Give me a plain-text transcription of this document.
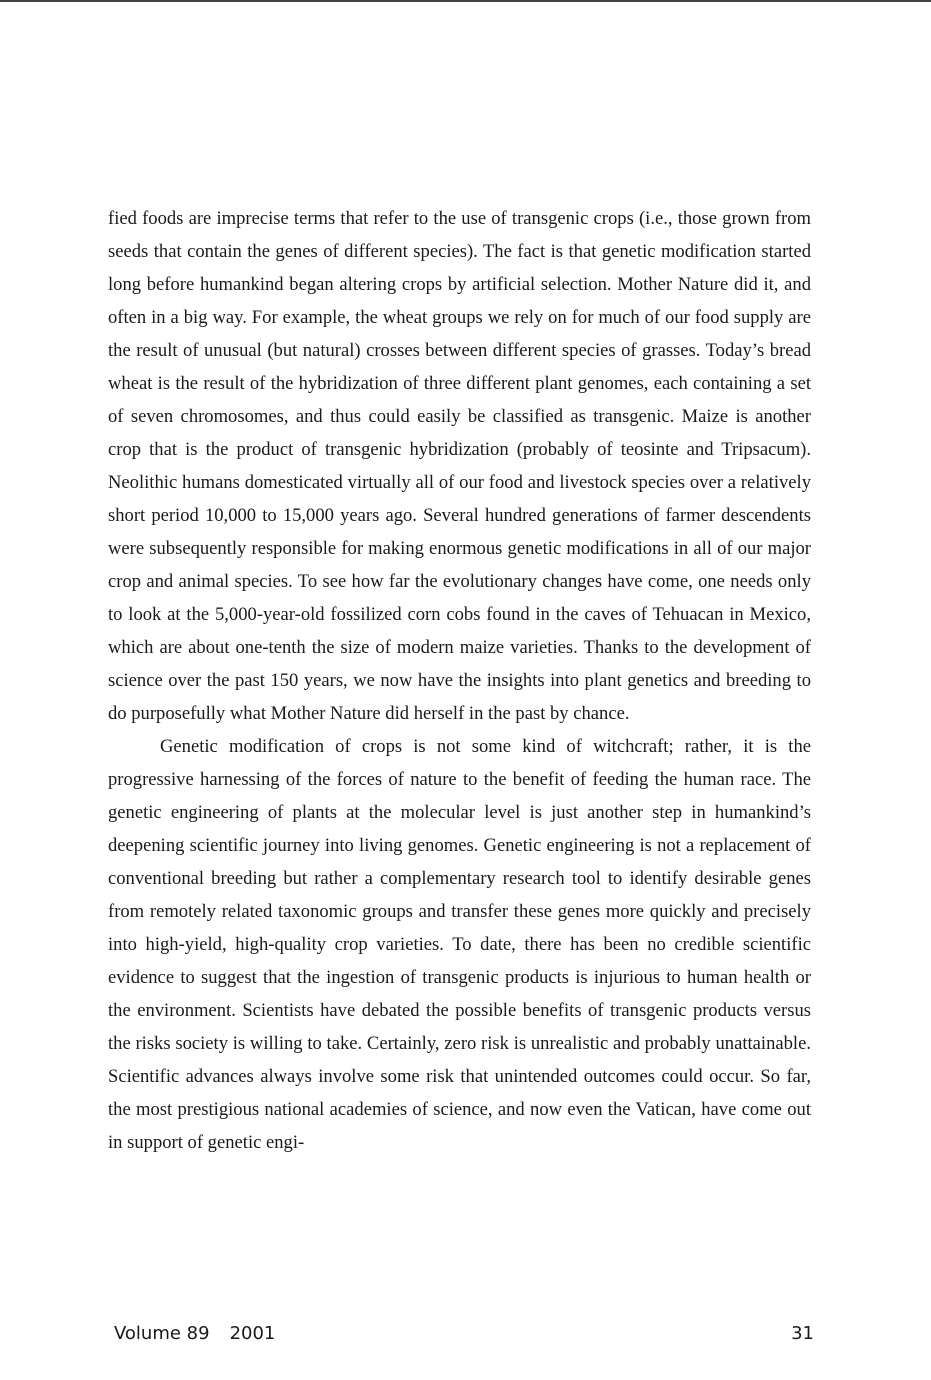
fied foods are imprecise terms that refer to the use of transgenic crops (i.e., those grown from seeds that contain the genes of different species). The fact is that genetic modification started long before humankind began altering crops by artificial selection. Mother Nature did it, and often in a big way. For example, the wheat groups we rely on for much of our food supply are the result of unusual (but natural) crosses between different species of grasses. Today’s bread wheat is the result of the hybridization of three different plant genomes, each containing a set of seven chromosomes, and thus could easily be classified as transgenic. Maize is another crop that is the product of transgenic hybridization (probably of teosinte and Tripsacum). Neolithic humans domesticated virtually all of our food and livestock species over a relatively short period 10,000 to 15,000 years ago. Several hundred generations of farmer descendents were subsequently responsible for making enormous genetic modifications in all of our major crop and animal species. To see how far the evolutionary changes have come, one needs only to look at the 5,000-year-old fossilized corn cobs found in the caves of Tehuacan in Mexico, which are about one-tenth the size of modern maize varieties. Thanks to the development of science over the past 150 years, we now have the insights into plant genetics and breeding to do purposefully what Mother Nature did herself in the past by chance.

Genetic modification of crops is not some kind of witchcraft; rather, it is the progressive harnessing of the forces of nature to the benefit of feeding the human race. The genetic engineering of plants at the molecular level is just another step in humankind’s deepening scientific journey into living genomes. Genetic engineering is not a replacement of conventional breeding but rather a complementary research tool to identify desirable genes from remotely related taxonomic groups and transfer these genes more quickly and precisely into high-yield, high-quality crop varieties. To date, there has been no credible scientific evidence to suggest that the ingestion of transgenic products is injurious to human health or the environment. Scientists have debated the possible benefits of transgenic products versus the risks society is willing to take. Certainly, zero risk is unrealistic and probably unattainable. Scientific advances always involve some risk that unintended outcomes could occur. So far, the most prestigious national academies of science, and now even the Vatican, have come out in support of genetic engi-

Volume 89 2001	31
